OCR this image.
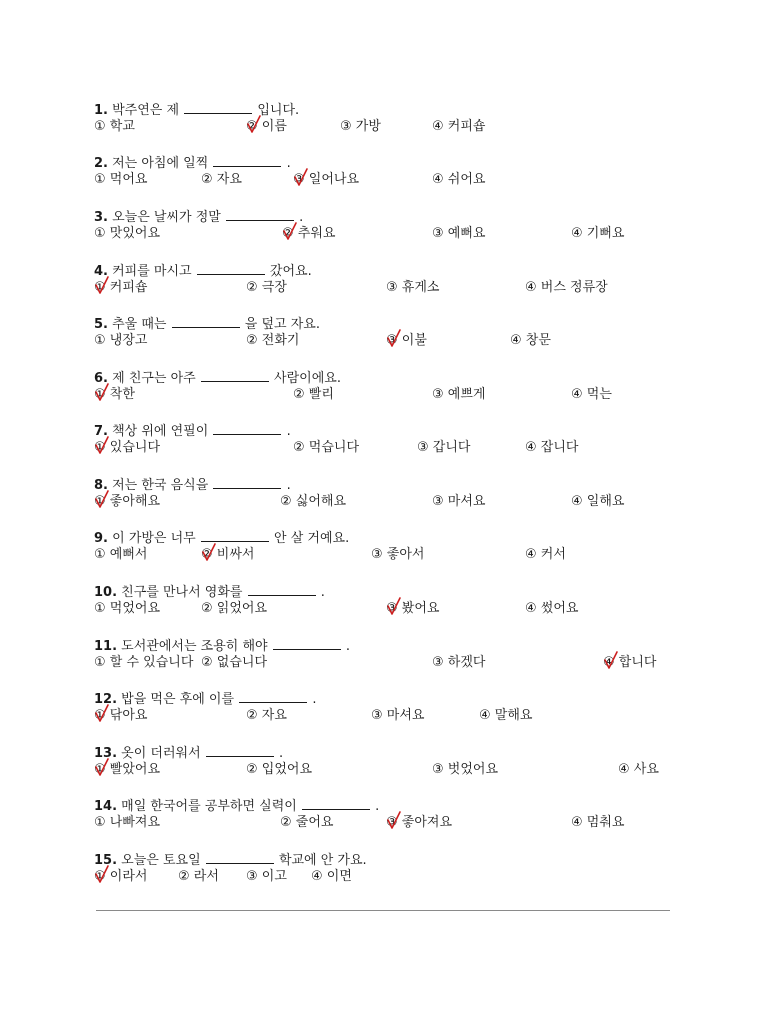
1. 박주연은 제	입니다.
① 학교	② 이름	③ 가방	④ 커피숍
2. 저는 아침에 일찍	.
① 먹어요	② 자요	③ 일어나요	④ 쉬어요
3. 오늘은 날씨가 정말	.
① 맛있어요	② 추워요	③ 예뻐요	④ 기뻐요
4. 커피를 마시고	갔어요.
① 커피숍	② 극장	③ 휴게소	④ 버스 정류장
5. 추울 때는	을 덮고 자요.
① 냉장고	② 전화기	③ 이불	④ 창문
6. 제 친구는 아주	사람이에요.
① 착한	② 빨리	③ 예쁘게	④ 먹는
7. 책상 위에 연필이	.
① 있습니다	② 먹습니다	③ 갑니다	④ 잡니다
8. 저는 한국 음식을	.
① 좋아해요	② 싫어해요	③ 마셔요	④ 일해요
9. 이 가방은 너무	안 살 거예요.
① 예뻐서	② 비싸서	③ 좋아서	④ 커서
10. 친구를 만나서 영화를	.
① 먹었어요	② 읽었어요	③ 봤어요	④ 썼어요
11. 도서관에서는 조용히 해야	.
① 할 수 있습니다 ② 없습니다	③ 하겠다	④ 합니다
12. 밥을 먹은 후에 이를	.
① 닦아요	② 자요	③ 마셔요	④ 말해요
13. 옷이 더러워서	.
① 빨았어요	② 입었어요	③ 벗었어요	④ 사요
14. 매일 한국어를 공부하면 실력이	.
① 나빠져요	② 줄어요	③ 좋아져요	④ 멈춰요
15. 오늘은 토요일	학교에 안 가요.
① 이라서 ② 라서 ③ 이고 ④ 이면
